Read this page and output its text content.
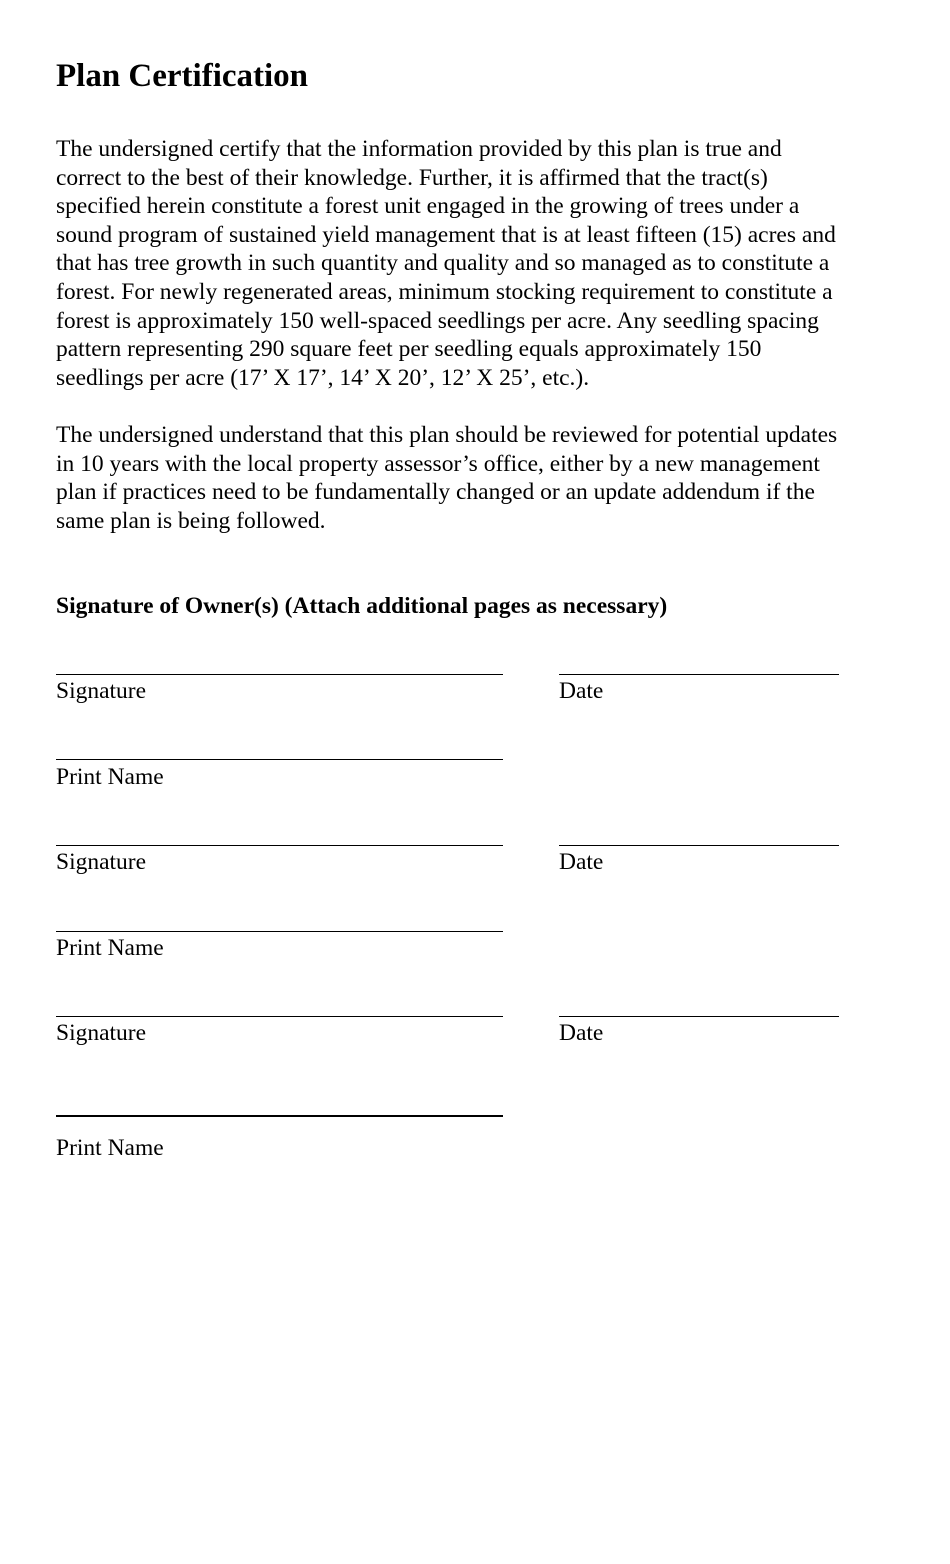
Plan Certification

The undersigned certify that the information provided by this plan is true and
correct to the best of their knowledge. Further, it is affirmed that the tract(s)
specified herein constitute a forest unit engaged in the growing of trees under a
sound program of sustained yield management that is at least fifteen (15) acres and
that has tree growth in such quantity and quality and so managed as to constitute a
forest. For newly regenerated areas, minimum stocking requirement to constitute a
forest is approximately 150 well-spaced seedlings per acre. Any seedling spacing
pattern representing 290 square feet per seedling equals approximately 150
seedlings per acre (17’ X 17’, 14’ X 20’, 12’ X 25’, etc.).

The undersigned understand that this plan should be reviewed for potential updates
in 10 years with the local property assessor’s office, either by a new management
plan if practices need to be fundamentally changed or an update addendum if the
same plan is being followed.

Signature of Owner(s) (Attach additional pages as necessary)
Signature	Date
Print Name
Signature	Date
Print Name
Signature	Date
Print Name
